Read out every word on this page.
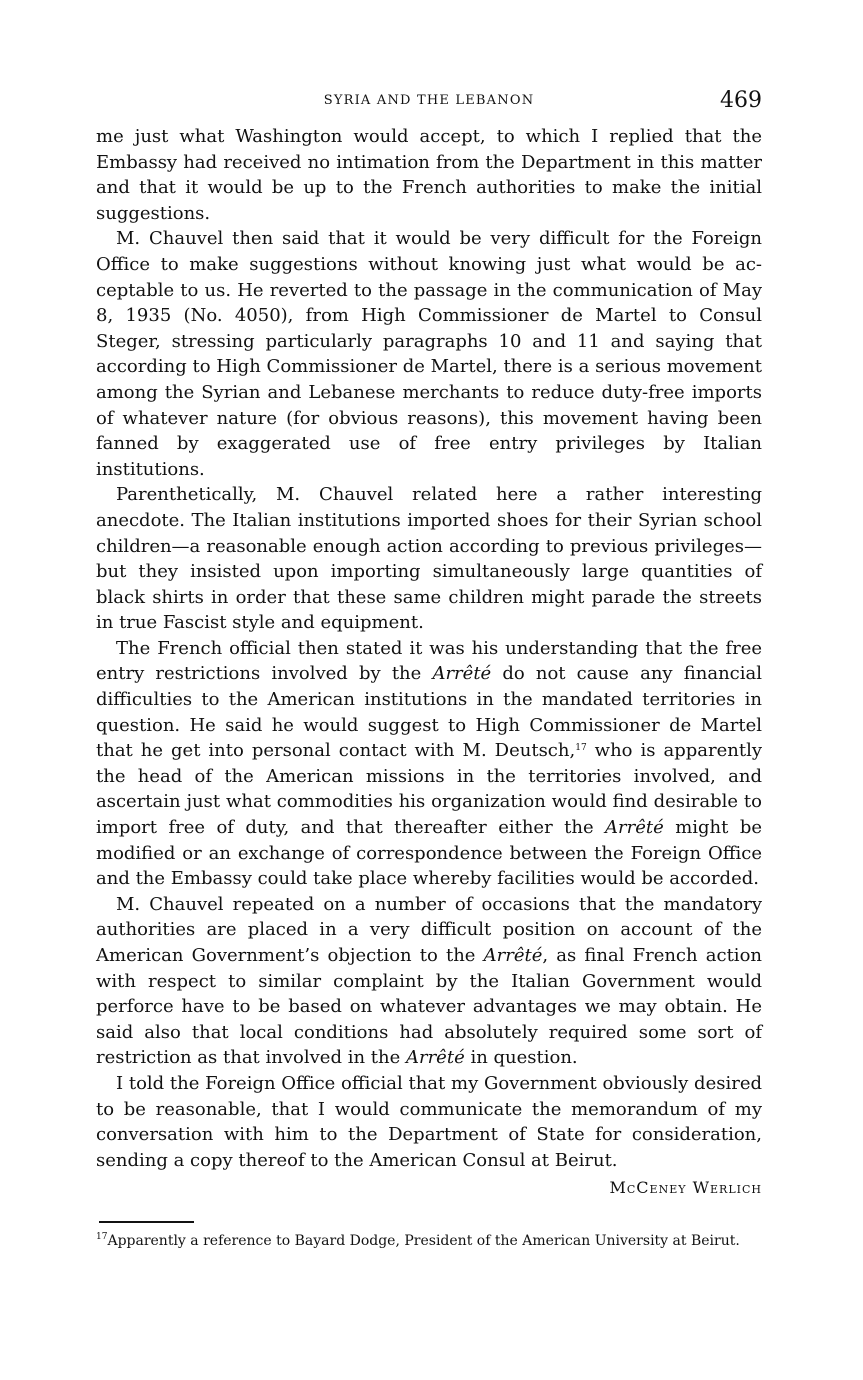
SYRIA AND THE LEBANON	469

me just what Washington would accept, to which I replied that the Embassy had received no intimation from the Department in this matter and that it would be up to the French authorities to make the initial suggestions.

M. Chauvel then said that it would be very difficult for the Foreign Office to make suggestions without knowing just what would be acceptable to us. He reverted to the passage in the communication of May 8, 1935 (No. 4050), from High Commissioner de Martel to Consul Steger, stressing particularly paragraphs 10 and 11 and saying that according to High Commissioner de Martel, there is a serious movement among the Syrian and Lebanese merchants to reduce duty-free imports of whatever nature (for obvious reasons), this movement having been fanned by exaggerated use of free entry privileges by Italian institutions.

Parenthetically, M. Chauvel related here a rather interesting anecdote. The Italian institutions imported shoes for their Syrian school children—a reasonable enough action according to previous privileges—but they insisted upon importing simultaneously large quantities of black shirts in order that these same children might parade the streets in true Fascist style and equipment.

The French official then stated it was his understanding that the free entry restrictions involved by the Arrêté do not cause any financial difficulties to the American institutions in the mandated territories in question. He said he would suggest to High Commissioner de Martel that he get into personal contact with M. Deutsch,$^{17}$ who is apparently the head of the American missions in the territories involved, and ascertain just what commodities his organization would find desirable to import free of duty, and that thereafter either the Arrêté might be modified or an exchange of correspondence between the Foreign Office and the Embassy could take place whereby facilities would be accorded.

M. Chauvel repeated on a number of occasions that the mandatory authorities are placed in a very difficult position on account of the American Government’s objection to the Arrêté, as final French action with respect to similar complaint by the Italian Government would perforce have to be based on whatever advantages we may obtain. He said also that local conditions had absolutely required some sort of restriction as that involved in the Arrêté in question.

I told the Foreign Office official that my Government obviously desired to be reasonable, that I would communicate the memorandum of my conversation with him to the Department of State for consideration, sending a copy thereof to the American Consul at Beirut.

McCeney Werlich
$^{17}$Apparently a reference to Bayard Dodge, President of the American University at Beirut.
